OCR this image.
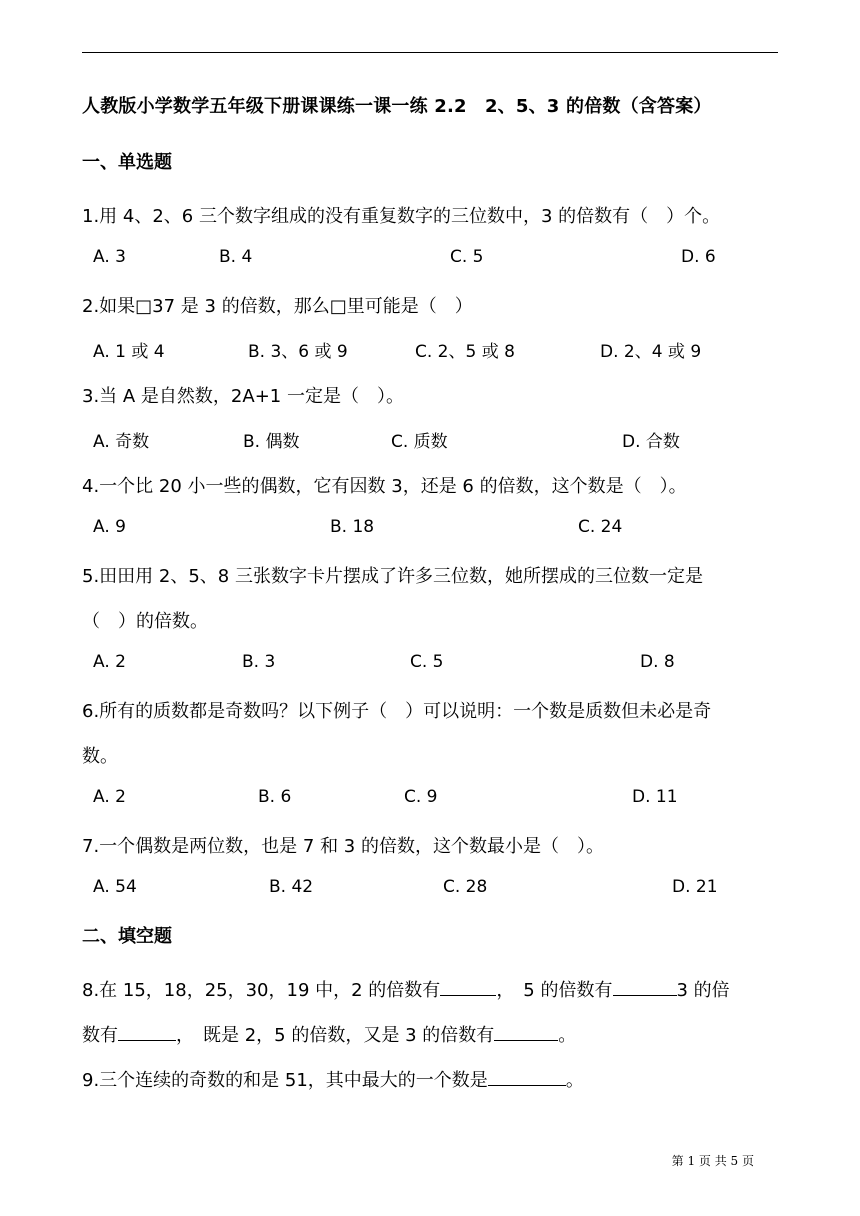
人教版小学数学五年级下册课课练一课一练 2.2　2、5、3 的倍数（含答案）
一、单选题
1.用 4、2、6 三个数字组成的没有重复数字的三位数中，3 的倍数有（　）个。
A. 3	B. 4	C. 5	D. 6
2.如果□37 是 3 的倍数，那么□里可能是（　）
A. 1 或 4	B. 3、6 或 9	C. 2、5 或 8	D. 2、4 或 9
3.当 A 是自然数，2A+1 一定是（　）。
A. 奇数	B. 偶数	C. 质数	D. 合数
4.一个比 20 小一些的偶数，它有因数 3，还是 6 的倍数，这个数是（　）。
A. 9	B. 18	C. 24
5.田田用 2、5、8 三张数字卡片摆成了许多三位数，她所摆成的三位数一定是
（　）的倍数。
A. 2	B. 3	C. 5	D. 8
6.所有的质数都是奇数吗？以下例子（　）可以说明：一个数是质数但未必是奇
数。
A. 2	B. 6	C. 9	D. 11
7.一个偶数是两位数，也是 7 和 3 的倍数，这个数最小是（　）。
A. 54	B. 42	C. 28	D. 21
二、填空题
8.在 15，18，25，30，19 中，2 的倍数有	，　5 的倍数有	3 的倍
数有	，　既是 2，5 的倍数，又是 3 的倍数有	。
9.三个连续的奇数的和是 51，其中最大的一个数是	。
第 1 页 共 5 页
